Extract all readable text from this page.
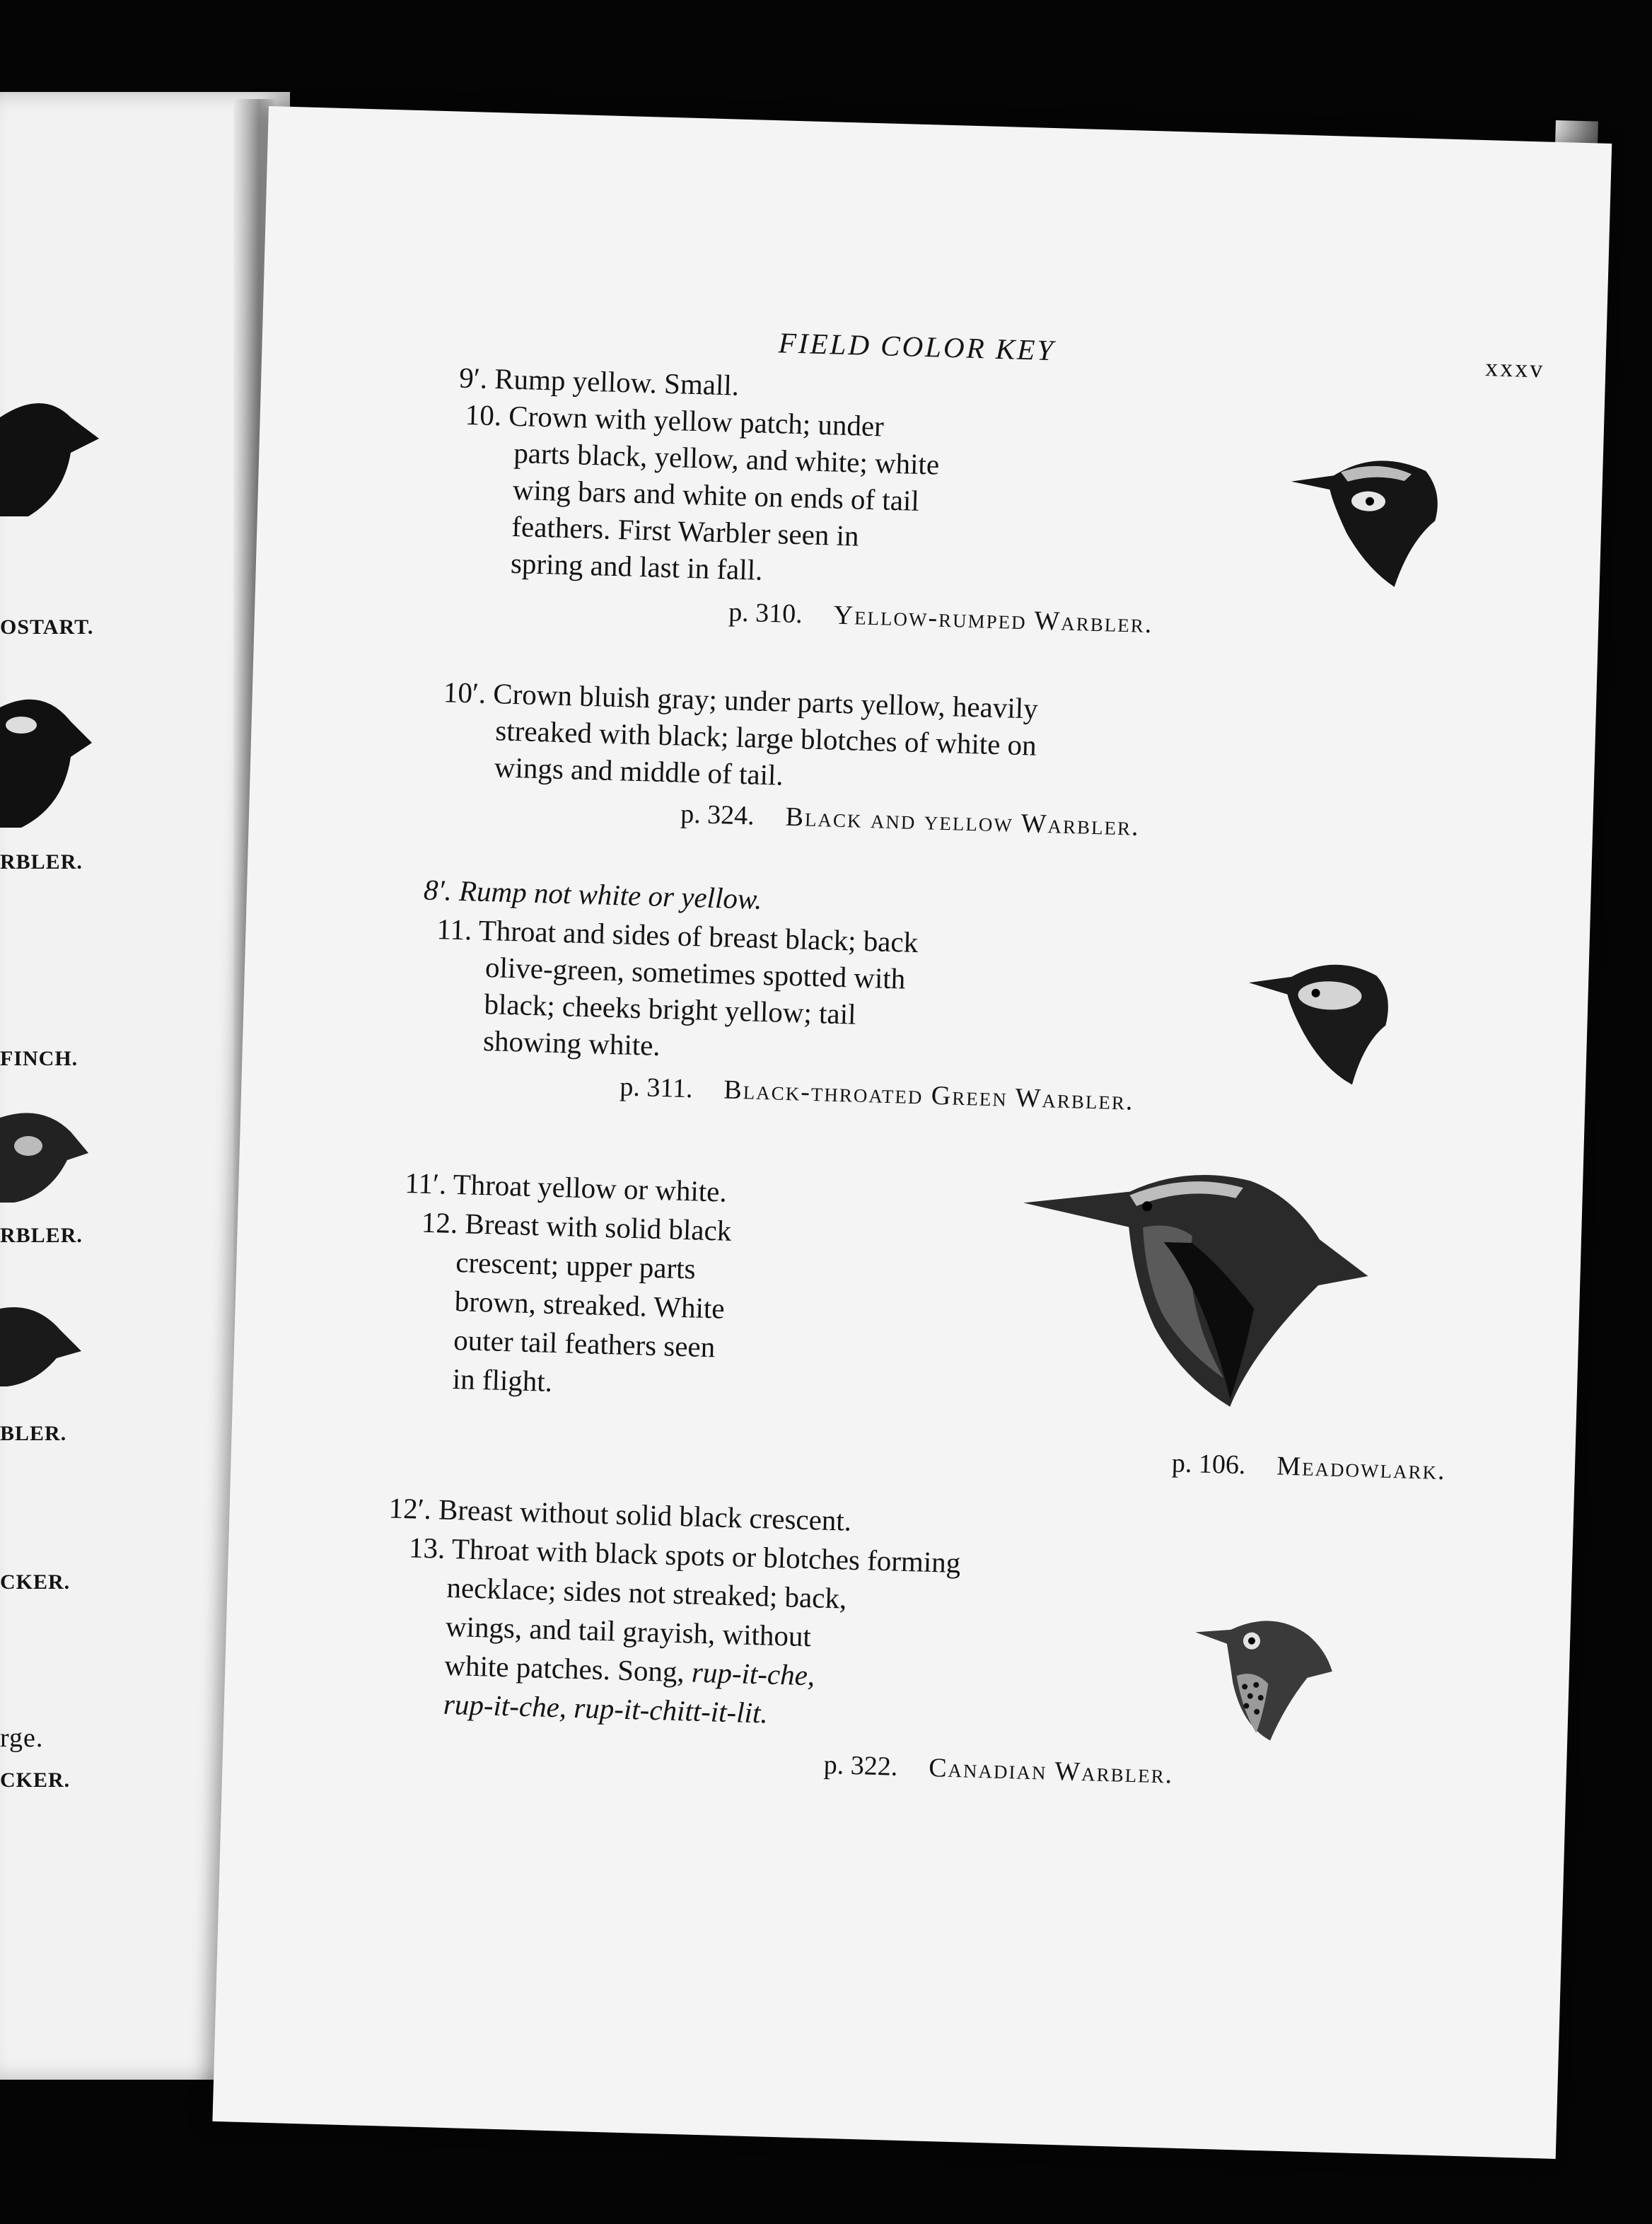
OSTART.
RBLER.
FINCH.
RBLER.
BLER.
CKER.
rge.
CKER.
FIELD COLOR KEY
xxxv
9′. Rump yellow. Small.
10. Crown with yellow patch; under
parts black, yellow, and white; white
wing bars and white on ends of tail
feathers. First Warbler seen in
spring and last in fall.
p. 310. Yellow-rumped Warbler.
10′. Crown bluish gray; under parts yellow, heavily
streaked with black; large blotches of white on
wings and middle of tail.
p. 324. Black and yellow Warbler.
8′. Rump not white or yellow.
11. Throat and sides of breast black; back
olive-green, sometimes spotted with
black; cheeks bright yellow; tail
showing white.
p. 311. Black-throated Green Warbler.
11′. Throat yellow or white.
12. Breast with solid black
crescent; upper parts
brown, streaked. White
outer tail feathers seen
in flight.
p. 106. Meadowlark.
12′. Breast without solid black crescent.
13. Throat with black spots or blotches forming
necklace; sides not streaked; back,
wings, and tail grayish, without
white patches. Song, rup-it-che,
rup-it-che, rup-it-chitt-it-lit.
p. 322. Canadian Warbler.
